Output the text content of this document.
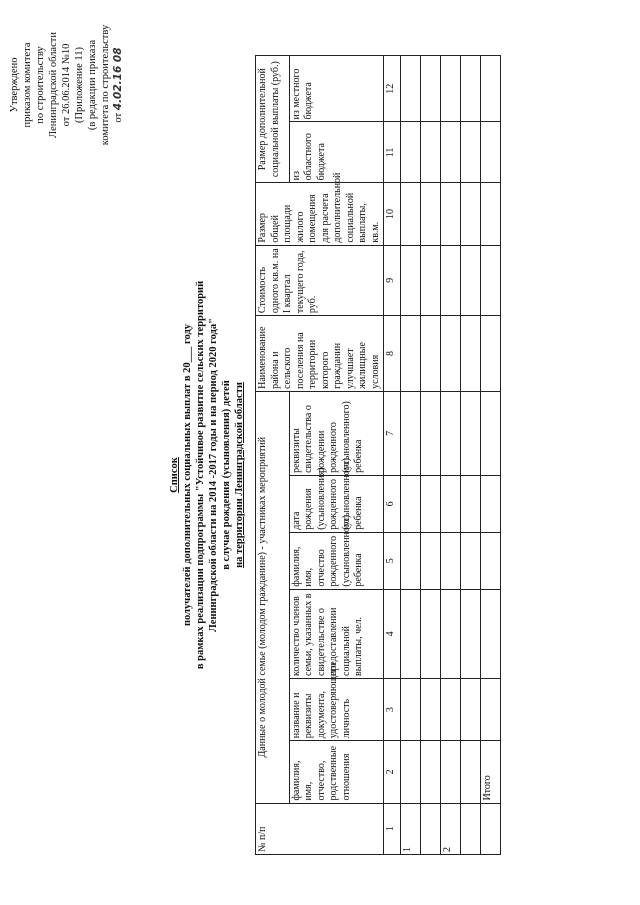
Утверждено приказом комитета по строительству Ленинградской области от 26.06.2014 №10 (Приложение 11) (в редакции приказа комитета по строительству от 4.02.16 08
Список получателей дополнительных социальных выплат в 20___ году в рамках реализации подпрограммы "Устойчивое развитие сельских территорий Ленинградской области на 2014 -2017 годы и на период 2020 года" в случае рождения (усыновления) детей на территории Ленинградской области
№ п/п	Данные о молодой семье (молодом гражданине) - участниках мероприятий						Наименование района и сельского поселения на территории которого гражданин улучшает жилищные условия	Стоимость одного кв.м. на I квартал текущего года, руб.	Размер общей площади жилого помещения для расчета дополнительной социальной выплаты, кв.м.	Размер дополнительной социальной выплаты (руб.)	
	фамилия, имя, отчество, родственные отношения	название и реквизиты документа, удостоверяющего личность	количество членов семьи, указанных в свидетельстве о предоставлении социальной выплаты, чел.	фамилия, имя, отчество рожденного (усыновленного) ребенка	дата рождения (усыновления) рожденного (усыновленного) ребенка	реквизиты свидетельства о рождении рожденного (усыновленного) ребенка				из областного бюджета	из местного бюджета
1	2	3	4	5	6	7	8	9	10	11	12
1											

2											

	Итого										
